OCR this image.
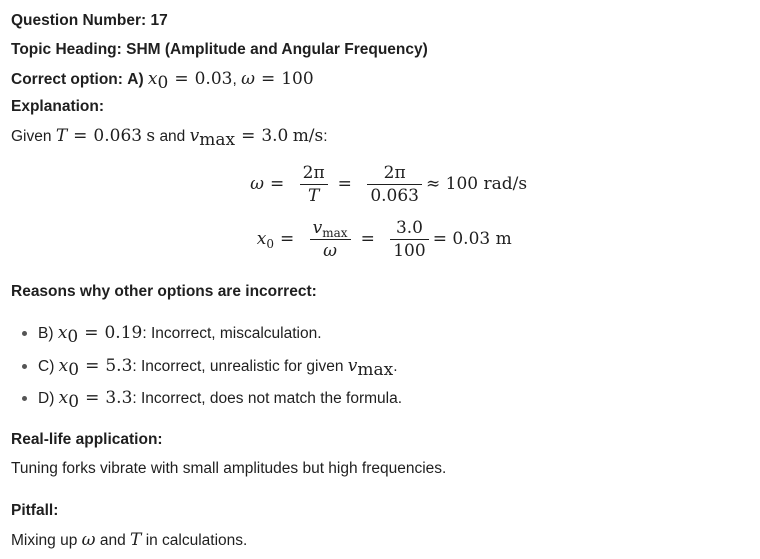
Question Number: 17
Topic Heading: SHM (Amplitude and Angular Frequency)
Correct option: A) $x_0 = 0.03$, ω = 100
Explanation:
Given T = 0.063 s and $v_{max} = 3.0$ m/s:
$\omega = \frac{2\pi}{T} = \frac{2\pi}{0.063} \approx 100$ rad/s
$x_0 = \frac{v_{max}}{\omega} = \frac{3.0}{100} = 0.03$ m
Reasons why other options are incorrect:
B) $x_0 = 0.19$: Incorrect, miscalculation.
C) $x_0 = 5.3$: Incorrect, unrealistic for given $v_{max}$.
D) $x_0 = 3.3$: Incorrect, does not match the formula.
Real-life application:
Tuning forks vibrate with small amplitudes but high frequencies.
Pitfall:
Mixing up ω and T in calculations.
